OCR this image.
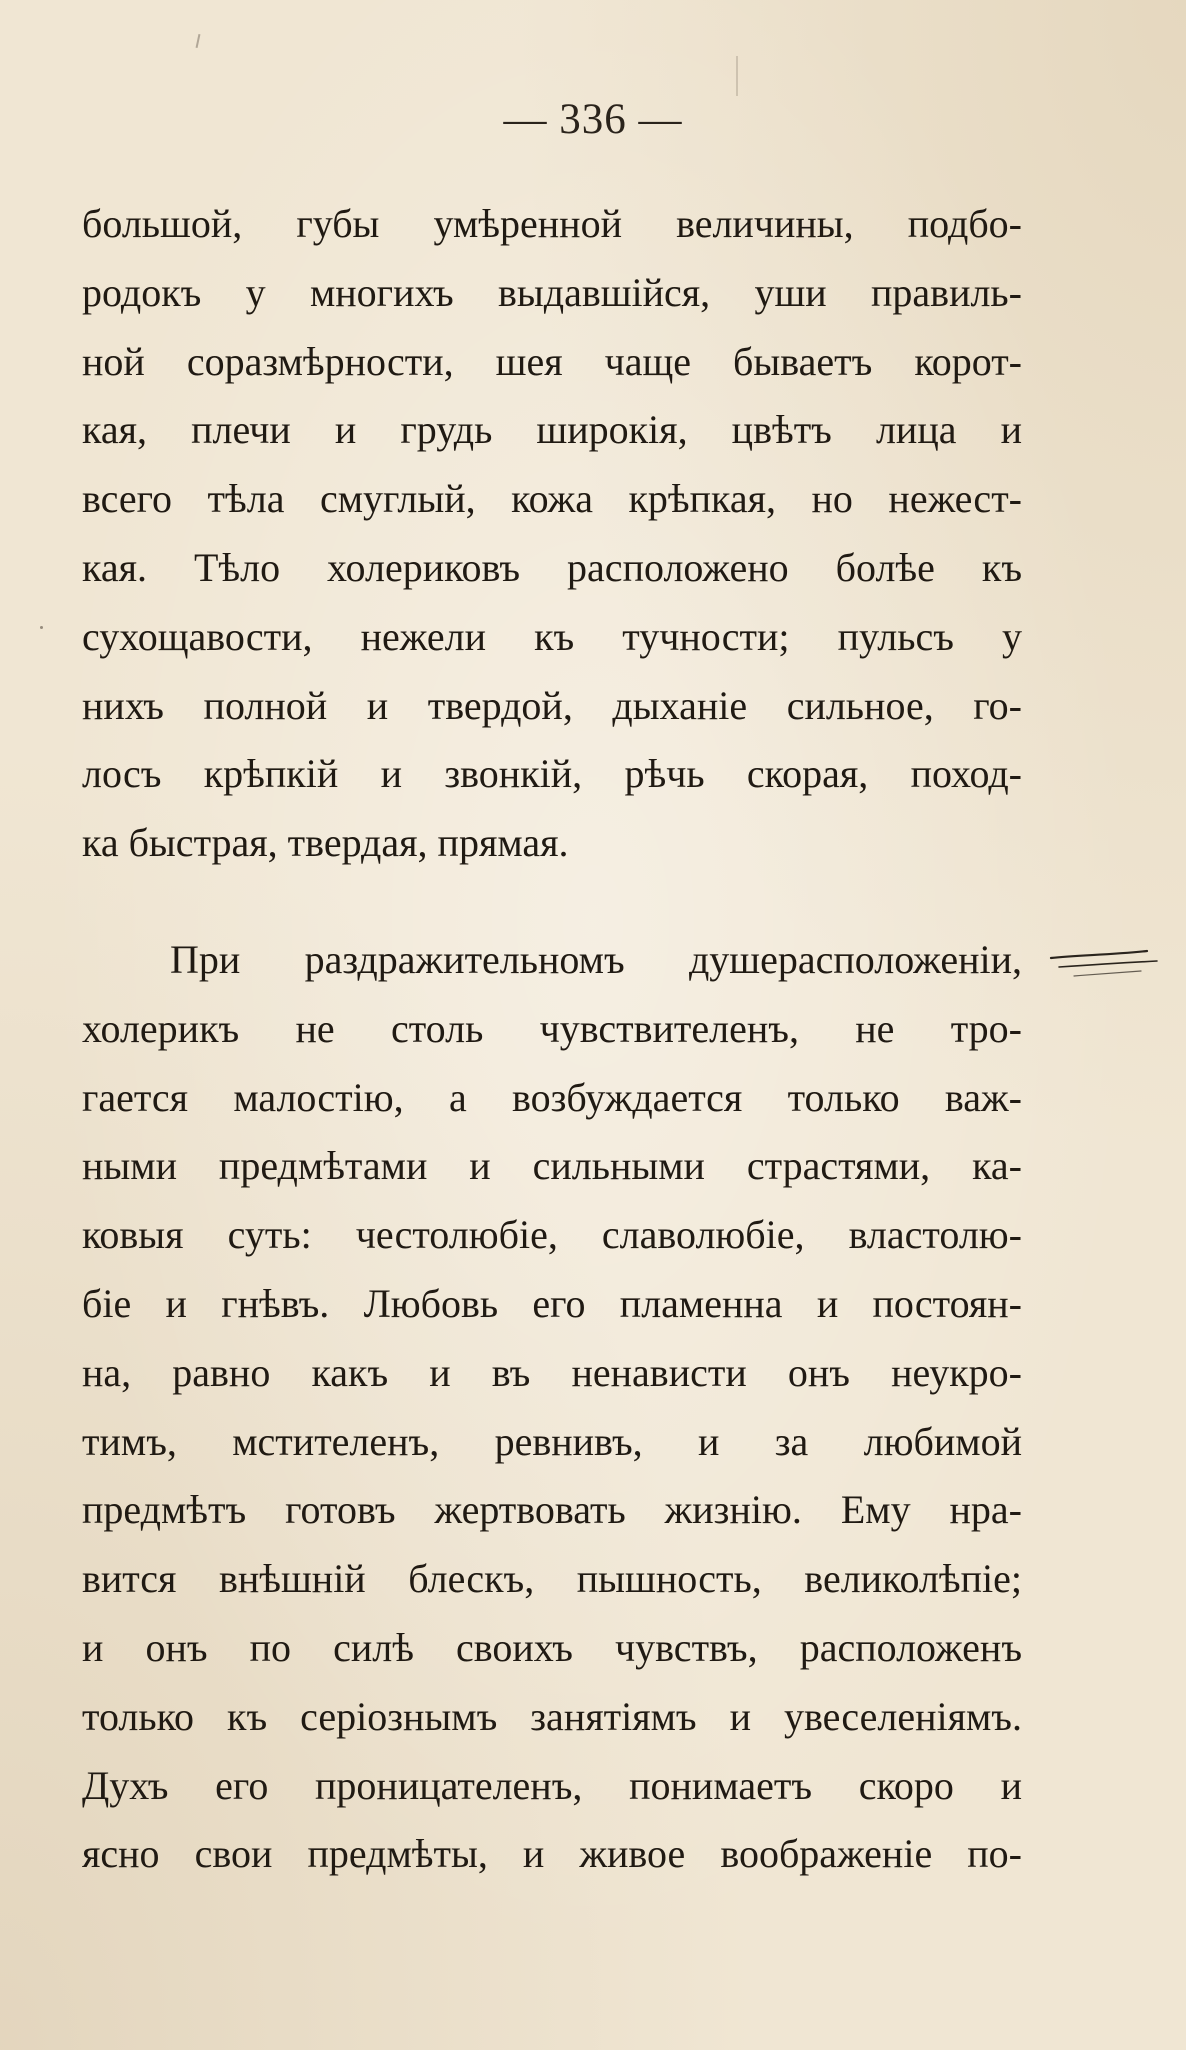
— 336 —
большой, губы умѣренной величины, подбо-
родокъ у многихъ выдавшійся, уши правиль-
ной соразмѣрности, шея чаще бываетъ корот-
кая, плечи и грудь широкія, цвѣтъ лица и
всего тѣла смуглый, кожа крѣпкая, но нежест-
кая. Тѣло холериковъ расположено болѣе къ
сухощавости, нежели къ тучности; пульсъ у
нихъ полной и твердой, дыханіе сильное, го-
лосъ крѣпкій и звонкій, рѣчь скорая, поход-
ка быстрая, твердая, прямая.
При раздражительномъ душерасположеніи,
холерикъ не столь чувствителенъ, не тро-
гается малостію, а возбуждается только важ-
ными предмѣтами и сильными страстями, ка-
ковыя суть: честолюбіе, славолюбіе, властолю-
біе и гнѣвъ. Любовь его пламенна и постоян-
на, равно какъ и въ ненависти онъ неукро-
тимъ, мстителенъ, ревнивъ, и за любимой
предмѣтъ готовъ жертвовать жизнію. Ему нра-
вится внѣшній блескъ, пышность, великолѣпіе;
и онъ по силѣ своихъ чувствъ, расположенъ
только къ серіознымъ занятіямъ и увеселеніямъ.
Духъ его проницателенъ, понимаетъ скоро и
ясно свои предмѣты, и живое воображеніе по-
